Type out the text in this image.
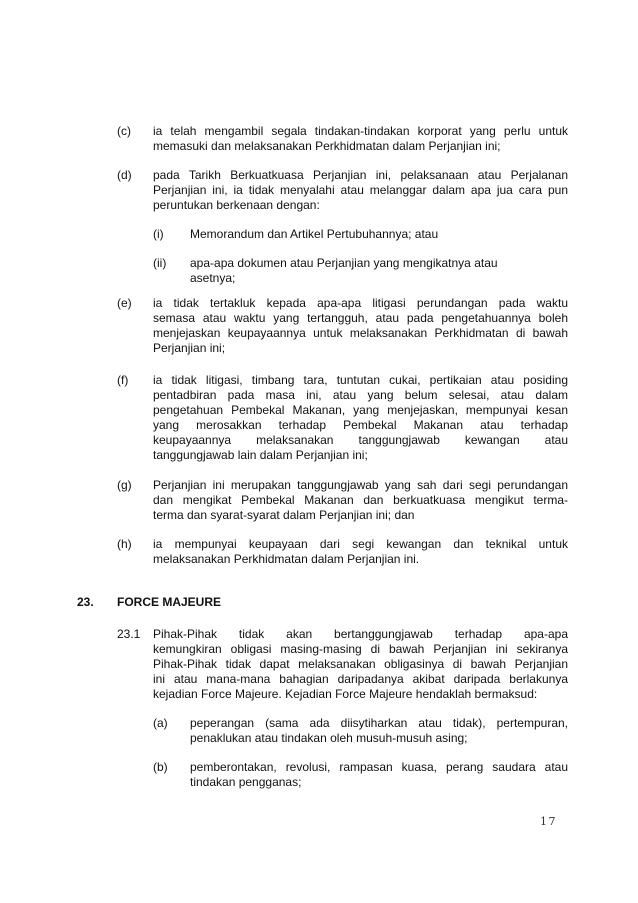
(c) ia telah mengambil segala tindakan-tindakan korporat yang perlu untuk
memasuki dan melaksanakan Perkhidmatan dalam Perjanjian ini;
(d) pada Tarikh Berkuatkuasa Perjanjian ini, pelaksanaan atau Perjalanan
Perjanjian ini, ia tidak menyalahi atau melanggar dalam apa jua cara pun
peruntukan berkenaan dengan:
(i) Memorandum dan Artikel Pertubuhannya; atau
(ii) apa-apa dokumen atau Perjanjian yang mengikatnya atau
asetnya;
(e) ia tidak tertakluk kepada apa-apa litigasi perundangan pada waktu
semasa atau waktu yang tertangguh, atau pada pengetahuannya boleh
menjejaskan keupayaannya untuk melaksanakan Perkhidmatan di bawah
Perjanjian ini;
(f) ia tidak litigasi, timbang tara, tuntutan cukai, pertikaian atau posiding
pentadbiran pada masa ini, atau yang belum selesai, atau dalam
pengetahuan Pembekal Makanan, yang menjejaskan, mempunyai kesan
yang merosakkan terhadap Pembekal Makanan atau terhadap
keupayaannya melaksanakan tanggungjawab kewangan atau
tanggungjawab lain dalam Perjanjian ini;
(g) Perjanjian ini merupakan tanggungjawab yang sah dari segi perundangan
dan mengikat Pembekal Makanan dan berkuatkuasa mengikut terma-
terma dan syarat-syarat dalam Perjanjian ini; dan
(h) ia mempunyai keupayaan dari segi kewangan dan teknikal untuk
melaksanakan Perkhidmatan dalam Perjanjian ini.
23. FORCE MAJEURE
23.1 Pihak-Pihak tidak akan bertanggungjawab terhadap apa-apa
kemungkiran obligasi masing-masing di bawah Perjanjian ini sekiranya
Pihak-Pihak tidak dapat melaksanakan obligasinya di bawah Perjanjian
ini atau mana-mana bahagian daripadanya akibat daripada berlakunya
kejadian Force Majeure. Kejadian Force Majeure hendaklah bermaksud:
(a) peperangan (sama ada diisytiharkan atau tidak), pertempuran,
penaklukan atau tindakan oleh musuh-musuh asing;
(b) pemberontakan, revolusi, rampasan kuasa, perang saudara atau
tindakan pengganas;
17
